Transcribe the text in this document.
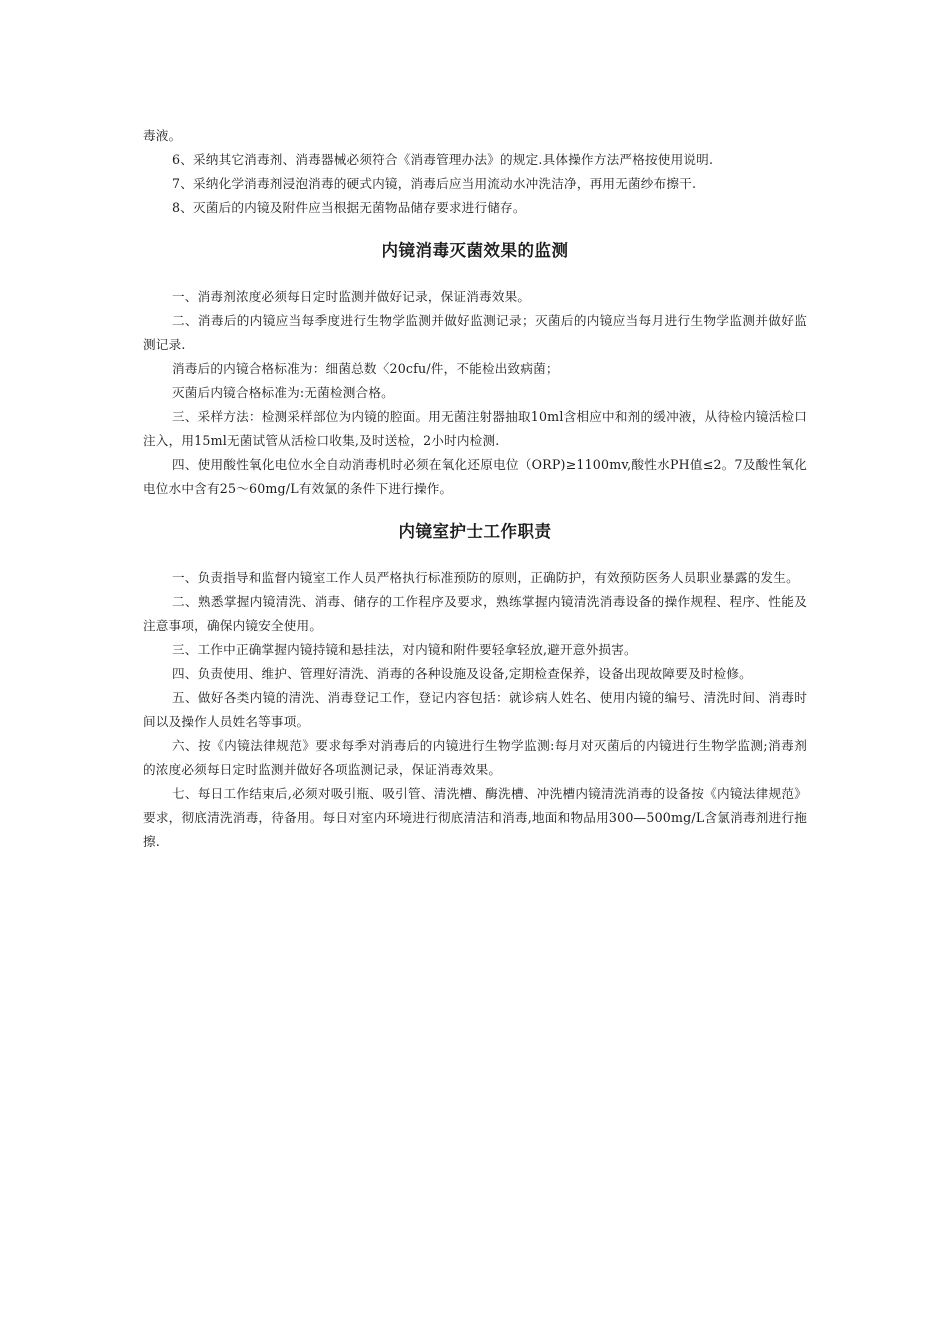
毒液。

6、采纳其它消毒剂、消毒器械必须符合《消毒管理办法》的规定.具体操作方法严格按使用说明.

7、采纳化学消毒剂浸泡消毒的硬式内镜，消毒后应当用流动水冲洗洁净，再用无菌纱布擦干.

8、灭菌后的内镜及附件应当根据无菌物品储存要求进行储存。

内镜消毒灭菌效果的监测

一、消毒剂浓度必须每日定时监测并做好记录，保证消毒效果。

二、消毒后的内镜应当每季度进行生物学监测并做好监测记录；灭菌后的内镜应当每月进行生物学监测并做好监测记录.

消毒后的内镜合格标准为：细菌总数〈20cfu/件，不能检出致病菌；

灭菌后内镜合格标准为:无菌检测合格。

三、采样方法：检测采样部位为内镜的腔面。用无菌注射器抽取10ml含相应中和剂的缓冲液，从待检内镜活检口注入，用15ml无菌试管从活检口收集,及时送检，2小时内检测.

四、使用酸性氧化电位水全自动消毒机时必须在氧化还原电位（ORP)≥1100mv,酸性水PH值≤2。7及酸性氧化电位水中含有25～60mg/L有效氯的条件下进行操作。

内镜室护士工作职责

一、负责指导和监督内镜室工作人员严格执行标准预防的原则，正确防护，有效预防医务人员职业暴露的发生。

二、熟悉掌握内镜清洗、消毒、储存的工作程序及要求，熟练掌握内镜清洗消毒设备的操作规程、程序、性能及注意事项，确保内镜安全使用。

三、工作中正确掌握内镜持镜和悬挂法，对内镜和附件要轻拿轻放,避开意外损害。

四、负责使用、维护、管理好清洗、消毒的各种设施及设备,定期检查保养，设备出现故障要及时检修。

五、做好各类内镜的清洗、消毒登记工作，登记内容包括：就诊病人姓名、使用内镜的编号、清洗时间、消毒时间以及操作人员姓名等事项。

六、按《内镜法律规范》要求每季对消毒后的内镜进行生物学监测:每月对灭菌后的内镜进行生物学监测;消毒剂的浓度必须每日定时监测并做好各项监测记录，保证消毒效果。

七、每日工作结束后,必须对吸引瓶、吸引管、清洗槽、酶洗槽、冲洗槽内镜清洗消毒的设备按《内镜法律规范》要求，彻底清洗消毒，待备用。每日对室内环境进行彻底清洁和消毒,地面和物品用300—500mg/L含氯消毒剂进行拖擦.
